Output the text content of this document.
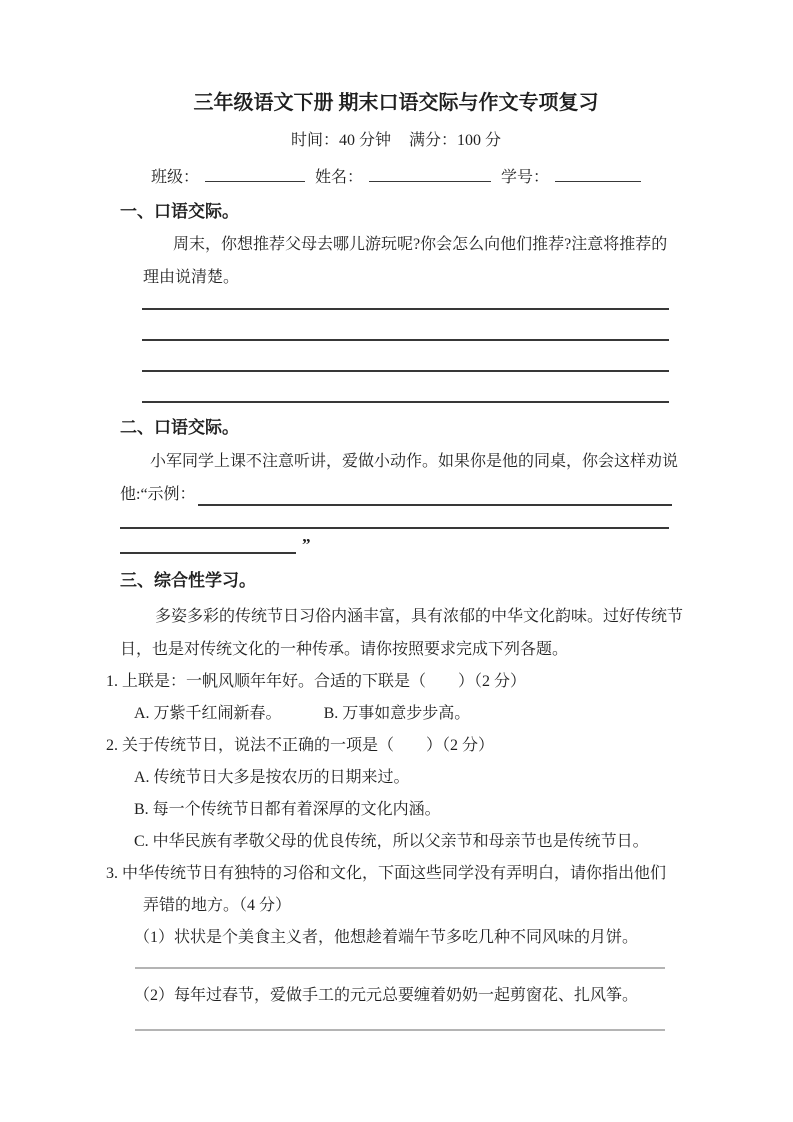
三年级语文下册 期末口语交际与作文专项复习
时间：40 分钟 满分：100 分
班级：	姓名：	学号：
一、口语交际。
周末，你想推荐父母去哪儿游玩呢?你会怎么向他们推荐?注意将推荐的
理由说清楚。
二、口语交际。
小军同学上课不注意听讲，爱做小动作。如果你是他的同桌，你会这样劝说
他:“示例：
”
三、综合性学习。
多姿多彩的传统节日习俗内涵丰富，具有浓郁的中华文化韵味。过好传统节
日，也是对传统文化的一种传承。请你按照要求完成下列各题。
1. 上联是：一帆风顺年年好。合适的下联是（　　）（2 分）
A. 万紫千红闹新春。	B. 万事如意步步高。
2. 关于传统节日，说法不正确的一项是（　　）（2 分）
A. 传统节日大多是按农历的日期来过。
B. 每一个传统节日都有着深厚的文化内涵。
C. 中华民族有孝敬父母的优良传统，所以父亲节和母亲节也是传统节日。
3. 中华传统节日有独特的习俗和文化，下面这些同学没有弄明白，请你指出他们
弄错的地方。（4 分）
（1）状状是个美食主义者，他想趁着端午节多吃几种不同风味的月饼。
（2）每年过春节，爱做手工的元元总要缠着奶奶一起剪窗花、扎风筝。
